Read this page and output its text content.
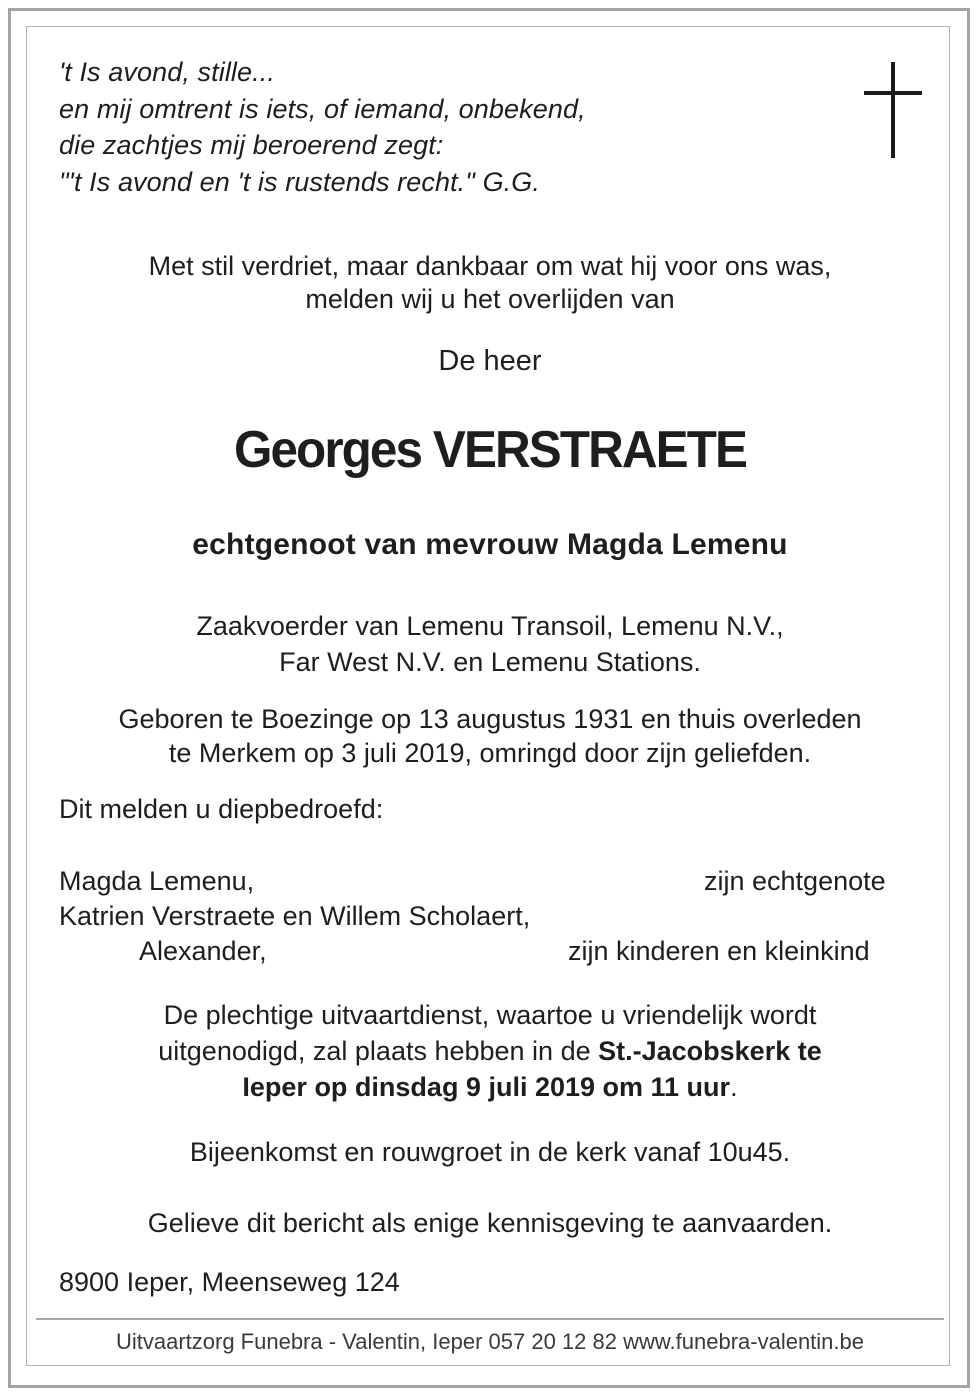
't Is avond, stille...
en mij omtrent is iets, of iemand, onbekend,
die zachtjes mij beroerend zegt:
"'t Is avond en 't is rustends recht." G.G.
Met stil verdriet, maar dankbaar om wat hij voor ons was,
melden wij u het overlijden van
De heer
Georges VERSTRAETE
echtgenoot van mevrouw Magda Lemenu
Zaakvoerder van Lemenu Transoil, Lemenu N.V.,
Far West N.V. en Lemenu Stations.
Geboren te Boezinge op 13 augustus 1931 en thuis overleden
te Merkem op 3 juli 2019, omringd door zijn geliefden.
Dit melden u diepbedroefd:
Magda Lemenu,	zijn echtgenote
Katrien Verstraete en Willem Scholaert,
Alexander,	zijn kinderen en kleinkind
De plechtige uitvaartdienst, waartoe u vriendelijk wordt
uitgenodigd, zal plaats hebben in de St.-Jacobskerk te
Ieper op dinsdag 9 juli 2019 om 11 uur.
Bijeenkomst en rouwgroet in de kerk vanaf 10u45.
Gelieve dit bericht als enige kennisgeving te aanvaarden.
8900 Ieper, Meenseweg 124
Uitvaartzorg Funebra - Valentin, Ieper 057 20 12 82 www.funebra-valentin.be
